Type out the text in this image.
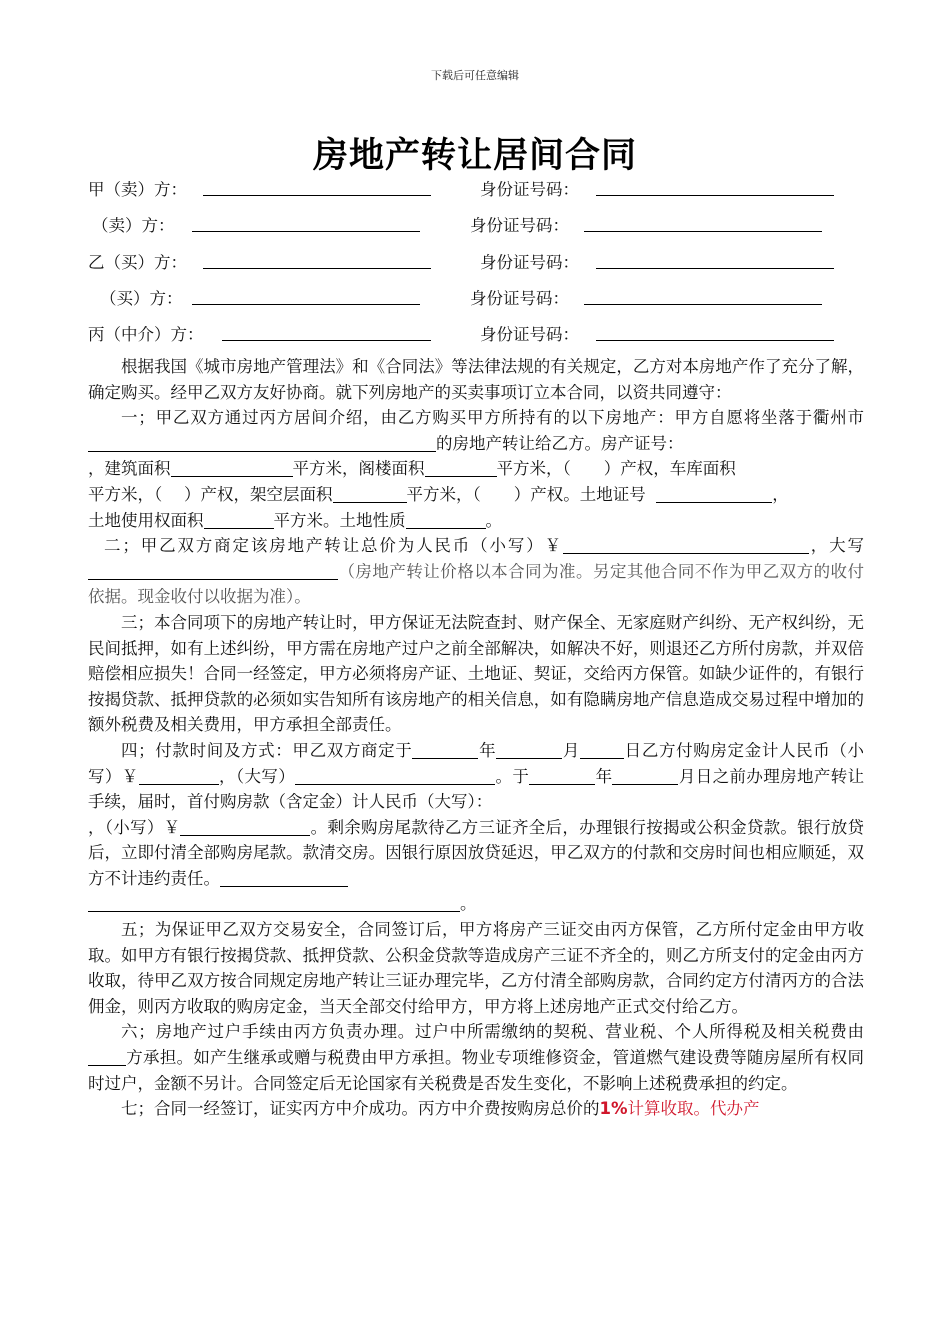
下载后可任意编辑
房地产转让居间合同
甲（卖）方：	身份证号码：
（卖）方：	身份证号码：
乙（买）方：	身份证号码：
（买）方：	身份证号码：
丙（中介）方：	身份证号码：

根据我国《城市房地产管理法》和《合同法》等法律法规的有关规定，乙方对本房地产作了充分了解，确定购买。经甲乙双方友好协商。就下列房地产的买卖事项订立本合同，以资共同遵守：

一；甲乙双方通过丙方居间介绍，由乙方购买甲方所持有的以下房地产：甲方自愿将坐落于衢州市的房地产转让给乙方。房产证号：
，建筑面积	平方米，阁楼面积	平方米，（　　）产权，车库面积
平方米，（　 ）产权，架空层面积	平方米，（　　）产权。土地证号	，
土地使用权面积	平方米。土地性质	。

二；甲乙双方商定该房地产转让总价为人民币（小写）￥	，大写（房地产转让价格以本合同为准。另定其他合同不作为甲乙双方的收付依据。现金收付以收据为准）。

三；本合同项下的房地产转让时，甲方保证无法院查封、财产保全、无家庭财产纠纷、无产权纠纷，无民间抵押，如有上述纠纷，甲方需在房地产过户之前全部解决，如解决不好，则退还乙方所付房款，并双倍赔偿相应损失！合同一经签定，甲方必须将房产证、土地证、契证，交给丙方保管。如缺少证件的，有银行按揭贷款、抵押贷款的必须如实告知所有该房地产的相关信息，如有隐瞒房地产信息造成交易过程中增加的额外税费及相关费用，甲方承担全部责任。

四；付款时间及方式：甲乙双方商定于	年	月	日乙方付购房定金计人民币（小写）￥	，（大写）	。于	年	月日之前办理房地产转让手续，届时，首付购房款（含定金）计人民币（大写）：
，（小写）￥	。剩余购房尾款待乙方三证齐全后，办理银行按揭或公积金贷款。银行放贷后，立即付清全部购房尾款。款清交房。因银行原因放贷延迟，甲乙双方的付款和交房时间也相应顺延，双方不计违约责任。
。

五；为保证甲乙双方交易安全，合同签订后，甲方将房产三证交由丙方保管，乙方所付定金由甲方收取。如甲方有银行按揭贷款、抵押贷款、公积金贷款等造成房产三证不齐全的，则乙方所支付的定金由丙方收取，待甲乙双方按合同规定房地产转让三证办理完毕，乙方付清全部购房款，合同约定方付清丙方的合法佣金，则丙方收取的购房定金，当天全部交付给甲方，甲方将上述房地产正式交付给乙方。

六；房地产过户手续由丙方负责办理。过户中所需缴纳的契税、营业税、个人所得税及相关税费由方承担。如产生继承或赠与税费由甲方承担。物业专项维修资金，管道燃气建设费等随房屋所有权同时过户，金额不另计。合同签定后无论国家有关税费是否发生变化，不影响上述税费承担的约定。

七；合同一经签订，证实丙方中介成功。丙方中介费按购房总价的1%计算收取。代办产
